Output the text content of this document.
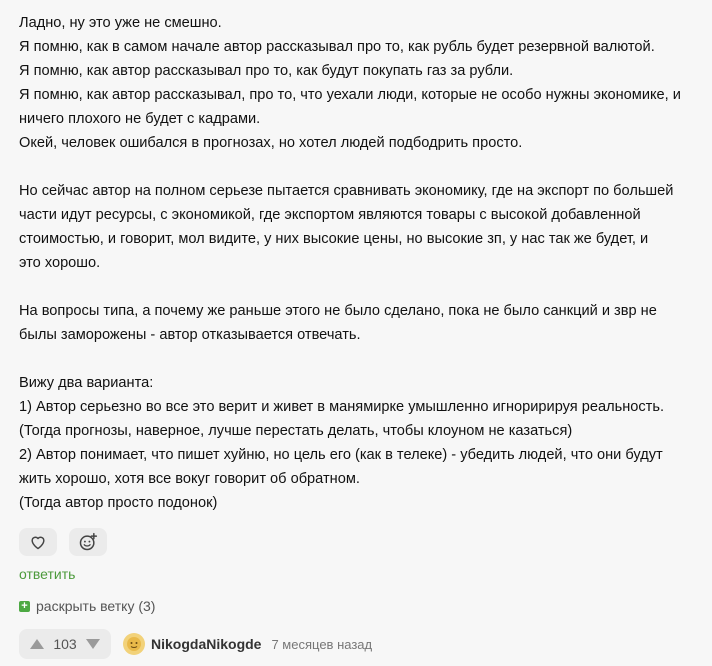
Ладно, ну это уже не смешно.

Я помню, как в самом начале автор рассказывал про то, как рубль будет резервной валютой.

Я помню, как автор рассказывал про то, как будут покупать газ за рубли.

Я помню, как автор рассказывал, про то, что уехали люди, которые не особо нужны экономике, и

ничего плохого не будет с кадрами.

Окей, человек ошибался в прогнозах, но хотел людей подбодрить просто.

Но сейчас автор на полном серьезе пытается сравнивать экономику, где на экспорт по большей

части идут ресурсы, с экономикой, где экспортом являются товары с высокой добавленной

стоимостью, и говорит, мол видите, у них высокие цены, но высокие зп, у нас так же будет, и

это хорошо.

На вопросы типа, а почему же раньше этого не было сделано, пока не было санкций и звр не

былы заморожены - автор отказывается отвечать.

Вижу два варианта:

1) Автор серьезно во все это верит и живет в манямирке умышленно игноририруя реальность.

(Тогда прогнозы, наверное, лучше перестать делать, чтобы клоуном не казаться)

2) Автор понимает, что пишет хуйню, но цель его (как в телеке) - убедить людей, что они будут

жить хорошо, хотя все вокуг говорит об обратном.

(Тогда автор просто подонок)

ответить
+ раскрыть ветку (3)
103	NikogdaNikogde 7 месяцев назад
